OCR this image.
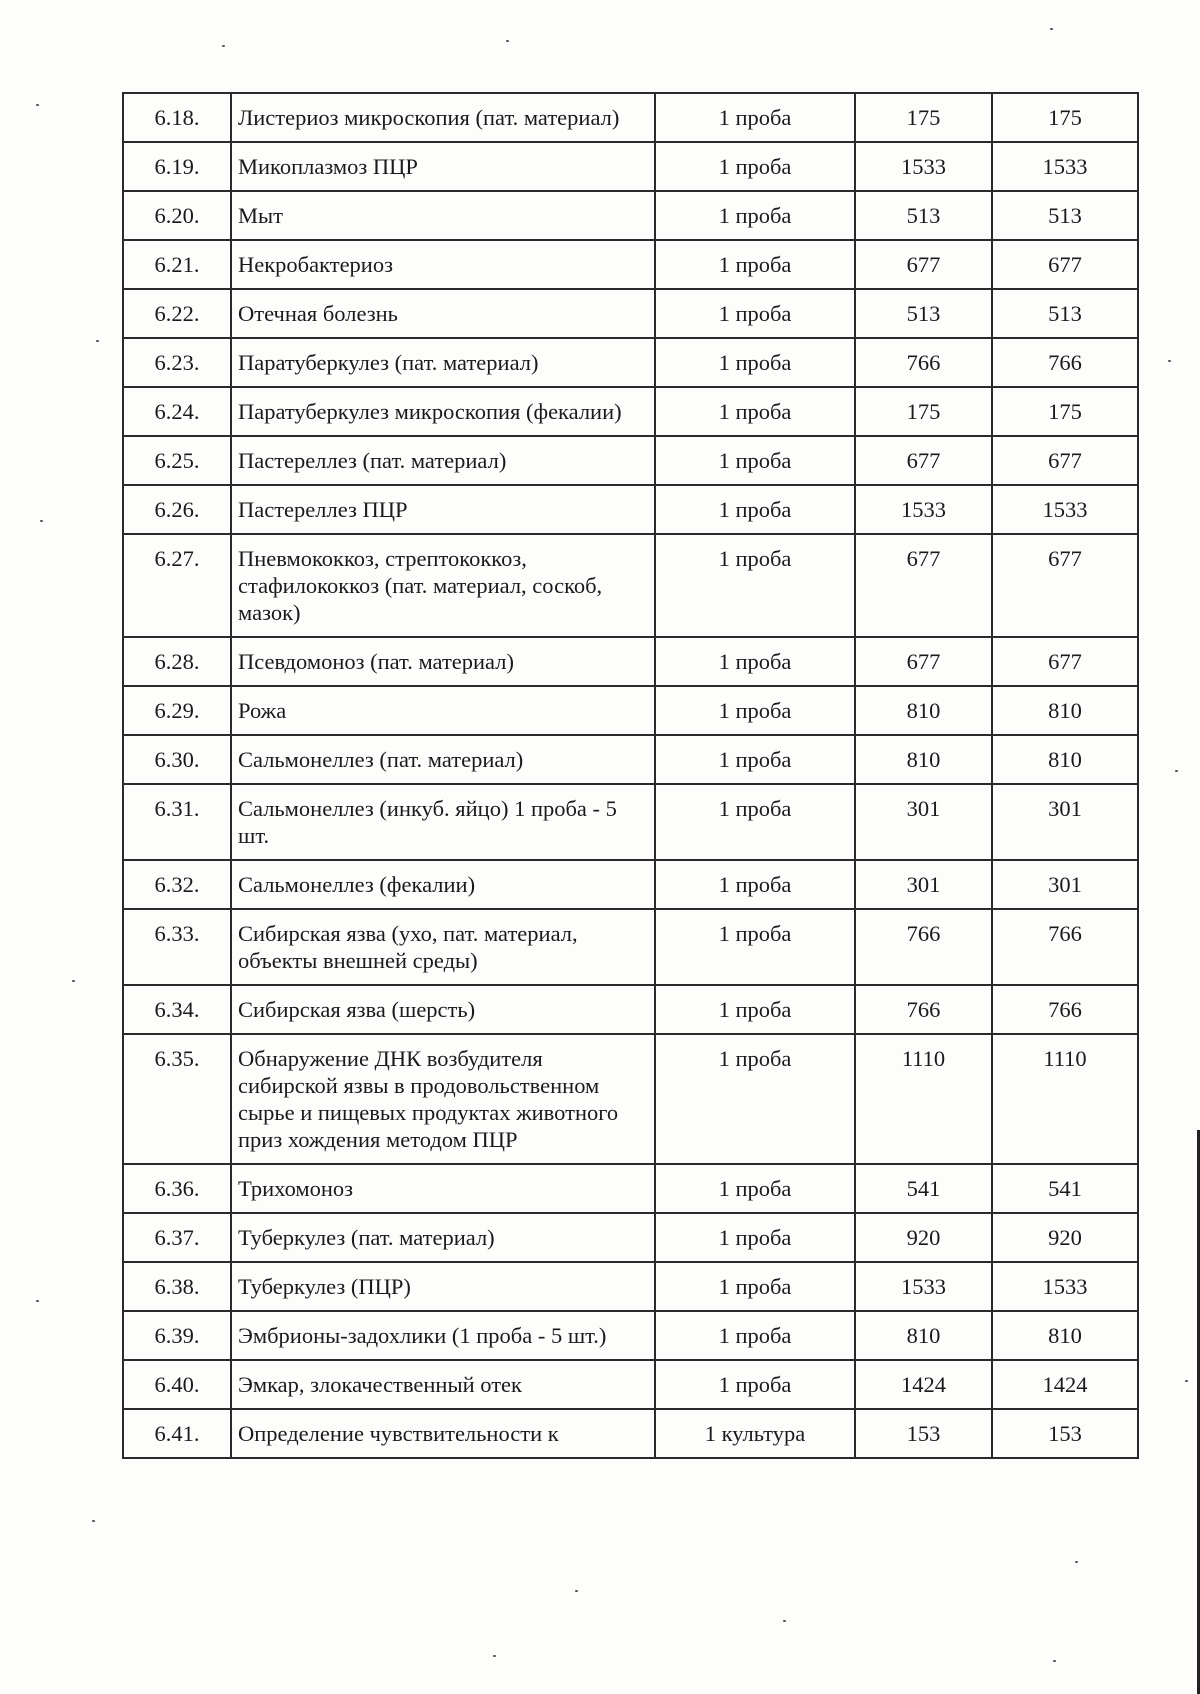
6.18.	Листериоз микроскопия (пат. материал)	1 проба	175	175
6.19.	Микоплазмоз ПЦР	1 проба	1533	1533
6.20.	Мыт	1 проба	513	513
6.21.	Некробактериоз	1 проба	677	677
6.22.	Отечная болезнь	1 проба	513	513
6.23.	Паратуберкулез (пат. материал)	1 проба	766	766
6.24.	Паратуберкулез микроскопия (фекалии)	1 проба	175	175
6.25.	Пастереллез (пат. материал)	1 проба	677	677
6.26.	Пастереллез ПЦР	1 проба	1533	1533
6.27.	Пневмококкоз, стрептококкоз, стафилококкоз (пат. материал, соскоб, мазок)	1 проба	677	677
6.28.	Псевдомоноз (пат. материал)	1 проба	677	677
6.29.	Рожа	1 проба	810	810
6.30.	Сальмонеллез (пат. материал)	1 проба	810	810
6.31.	Сальмонеллез (инкуб. яйцо) 1 проба - 5 шт.	1 проба	301	301
6.32.	Сальмонеллез (фекалии)	1 проба	301	301
6.33.	Сибирская язва (ухо, пат. материал, объекты внешней среды)	1 проба	766	766
6.34.	Сибирская язва (шерсть)	1 проба	766	766
6.35.	Обнаружение ДНК возбудителя сибирской язвы в продовольственном сырье и пищевых продуктах животного приз хождения методом ПЦР	1 проба	1110	1110
6.36.	Трихомоноз	1 проба	541	541
6.37.	Туберкулез (пат. материал)	1 проба	920	920
6.38.	Туберкулез (ПЦР)	1 проба	1533	1533
6.39.	Эмбрионы-задохлики (1 проба - 5 шт.)	1 проба	810	810
6.40.	Эмкар, злокачественный отек	1 проба	1424	1424
6.41.	Определение чувствительности к	1 культура	153	153
